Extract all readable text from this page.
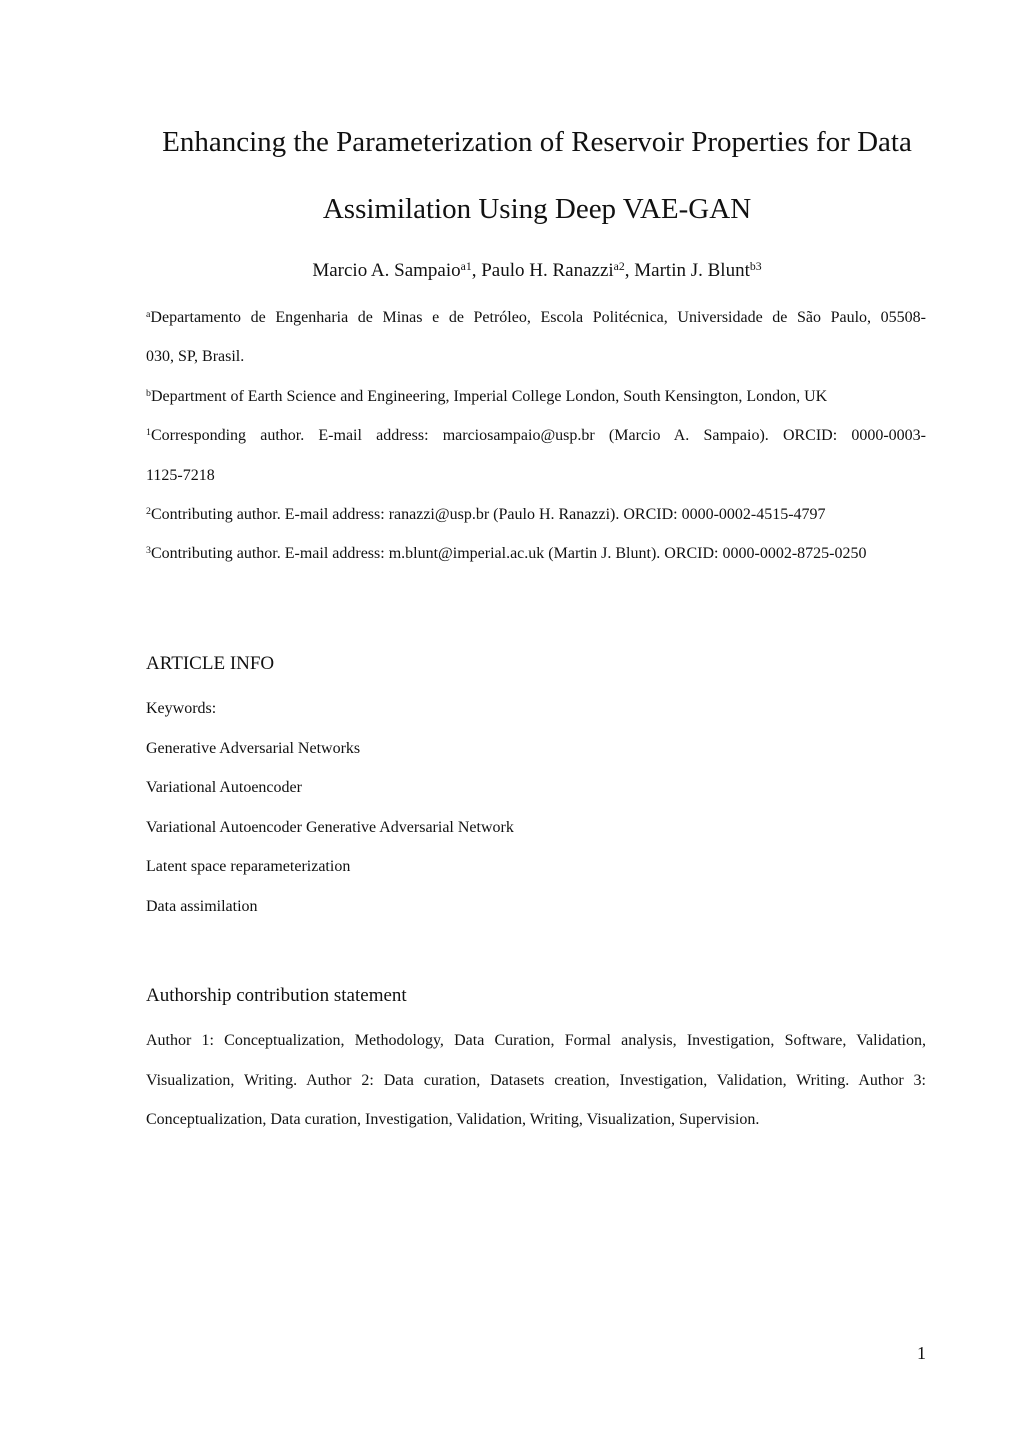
Enhancing the Parameterization of Reservoir Properties for Data
Assimilation Using Deep VAE-GAN
Marcio A. Sampaio$^{a1}$, Paulo H. Ranazzi$^{a2}$, Martin J. Blunt$^{b3}$
$^a$Departamento de Engenharia de Minas e de Petróleo, Escola Politécnica, Universidade de São Paulo, 05508-
030, SP, Brasil.
$^b$Department of Earth Science and Engineering, Imperial College London, South Kensington, London, UK
$^1$Corresponding author. E-mail address: marciosampaio@usp.br (Marcio A. Sampaio). ORCID: 0000-0003-
1125-7218
$^2$Contributing author. E-mail address: ranazzi@usp.br (Paulo H. Ranazzi). ORCID: 0000-0002-4515-4797
$^3$Contributing author. E-mail address: m.blunt@imperial.ac.uk (Martin J. Blunt). ORCID: 0000-0002-8725-0250
ARTICLE INFO
Keywords:
Generative Adversarial Networks
Variational Autoencoder
Variational Autoencoder Generative Adversarial Network
Latent space reparameterization
Data assimilation
Authorship contribution statement
Author 1: Conceptualization, Methodology, Data Curation, Formal analysis, Investigation, Software, Validation,
Visualization, Writing. Author 2: Data curation, Datasets creation, Investigation, Validation, Writing. Author 3:
Conceptualization, Data curation, Investigation, Validation, Writing, Visualization, Supervision.
1
